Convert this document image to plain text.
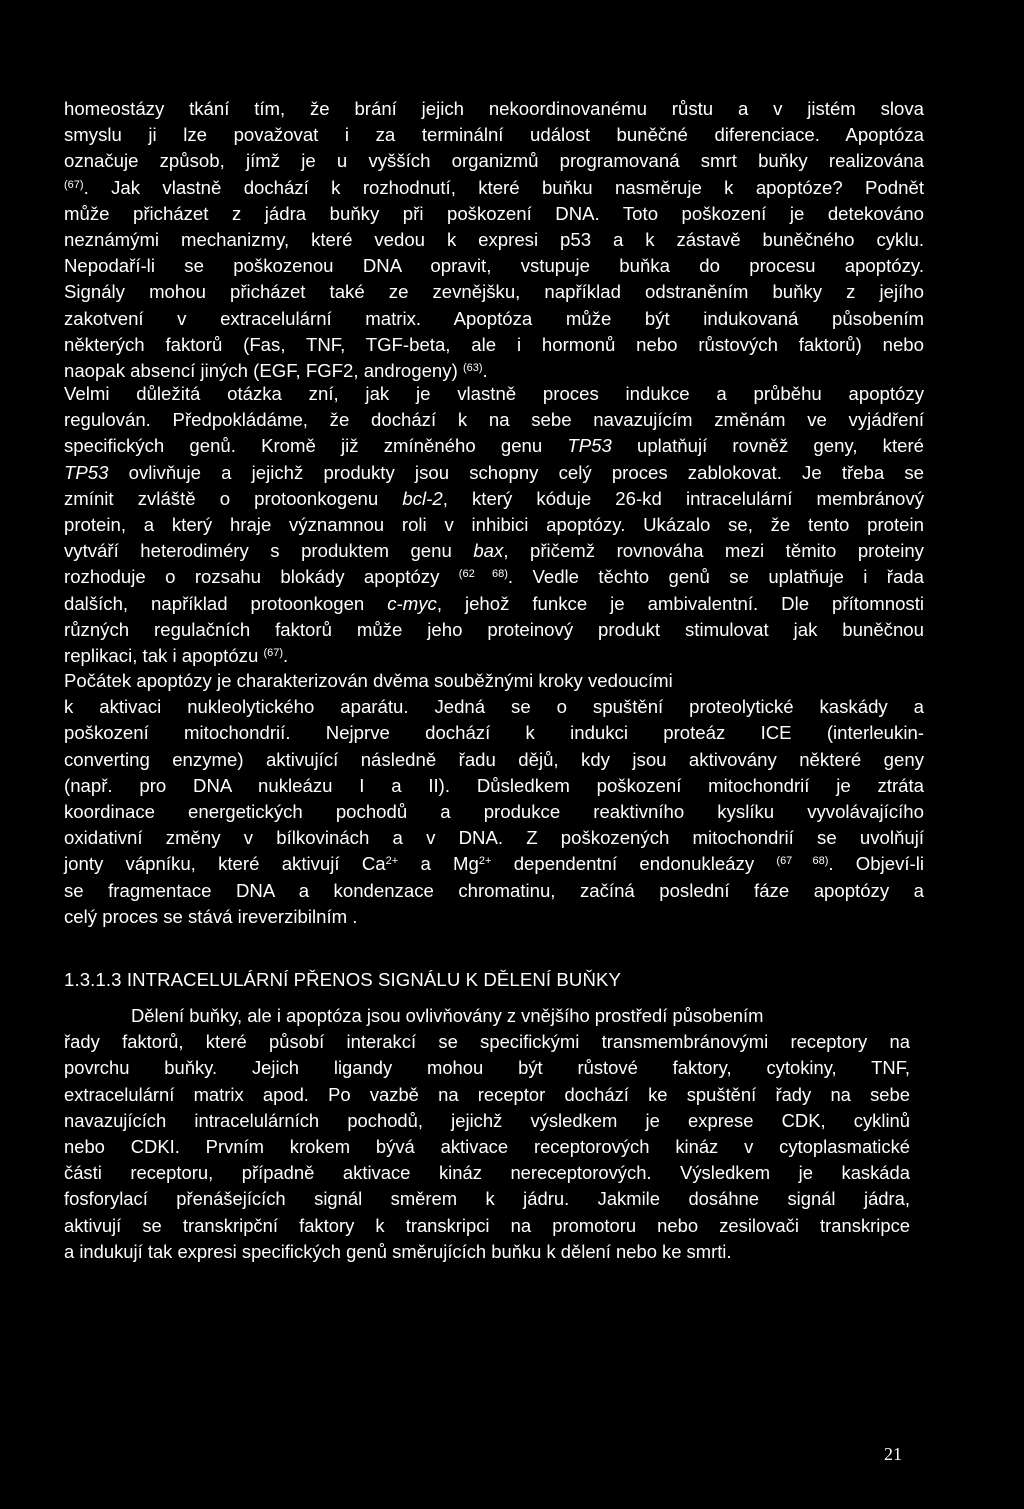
homeostázy tkání tím, že brání jejich nekoordinovanému růstu a v jistém slova
smyslu ji lze považovat i za terminální událost buněčné diferenciace. Apoptóza
označuje způsob, jímž je u vyšších organizmů programovaná smrt buňky realizována
$^{(67)}$. Jak vlastně dochází k rozhodnutí, které buňku nasměruje k apoptóze? Podnět
může přicházet z jádra buňky při poškození DNA. Toto poškození je detekováno
neznámými mechanizmy, které vedou k expresi p53 a k zástavě buněčného cyklu.
Nepodaří-li se poškozenou DNA opravit, vstupuje buňka do procesu apoptózy.
Signály mohou přicházet také ze zevnějšku, například odstraněním buňky z jejího
zakotvení v extracelulární matrix. Apoptóza může být indukovaná působením
některých faktorů (Fas, TNF, TGF-beta, ale i hormonů nebo růstových faktorů) nebo
naopak absencí jiných (EGF, FGF2, androgeny) $^{(63)}$.
Velmi důležitá otázka zní, jak je vlastně proces indukce a průběhu apoptózy
regulován. Předpokládáme, že dochází k na sebe navazujícím změnám ve vyjádření
specifických genů. Kromě již zmíněného genu TP53 uplatňují rovněž geny, které
TP53 ovlivňuje a jejichž produkty jsou schopny celý proces zablokovat. Je třeba se
zmínit zvláště o protoonkogenu bcl-2, který kóduje 26-kd intracelulární membránový
protein, a který hraje významnou roli v inhibici apoptózy. Ukázalo se, že tento protein
vytváří heterodiméry s produktem genu bax, přičemž rovnováha mezi těmito proteiny
rozhoduje o rozsahu blokády apoptózy $^{(62 68)}$. Vedle těchto genů se uplatňuje i řada
dalších, například protoonkogen c-myc, jehož funkce je ambivalentní. Dle přítomnosti
různých regulačních faktorů může jeho proteinový produkt stimulovat jak buněčnou
replikaci, tak i apoptózu $^{(67)}$.
Počátek apoptózy je charakterizován dvěma souběžnými kroky vedoucími
k aktivaci nukleolytického aparátu. Jedná se o spuštění proteolytické kaskády a
poškození mitochondrií. Nejprve dochází k indukci proteáz ICE (interleukin-
converting enzyme) aktivující následně řadu dějů, kdy jsou aktivovány některé geny
(např. pro DNA nukleázu I a II). Důsledkem poškození mitochondrií je ztráta
koordinace energetických pochodů a produkce reaktivního kyslíku vyvolávajícího
oxidativní změny v bílkovinách a v DNA. Z poškozených mitochondrií se uvolňují
jonty vápníku, které aktivují $Ca^{2+}$ a $Mg^{2+}$ dependentní endonukleázy $^{(67 68)}$. Objeví-li
se fragmentace DNA a kondenzace chromatinu, začíná poslední fáze apoptózy a
celý proces se stává ireverzibilním .
1.3.1.3 INTRACELULÁRNÍ PŘENOS SIGNÁLU K DĚLENÍ BUŇKY
Dělení buňky, ale i apoptóza jsou ovlivňovány z vnějšího prostředí působením
řady faktorů, které působí interakcí se specifickými transmembránovými receptory na
povrchu buňky. Jejich ligandy mohou být růstové faktory, cytokiny, TNF,
extracelulární matrix apod. Po vazbě na receptor dochází ke spuštění řady na sebe
navazujících intracelulárních pochodů, jejichž výsledkem je exprese CDK, cyklinů
nebo CDKI. Prvním krokem bývá aktivace receptorových kináz v cytoplasmatické
části receptoru, případně aktivace kináz nereceptorových. Výsledkem je kaskáda
fosforylací přenášejících signál směrem k jádru. Jakmile dosáhne signál jádra,
aktivují se transkripční faktory k transkripci na promotoru nebo zesilovači transkripce
a indukují tak expresi specifických genů směrujících buňku k dělení nebo ke smrti.
21
